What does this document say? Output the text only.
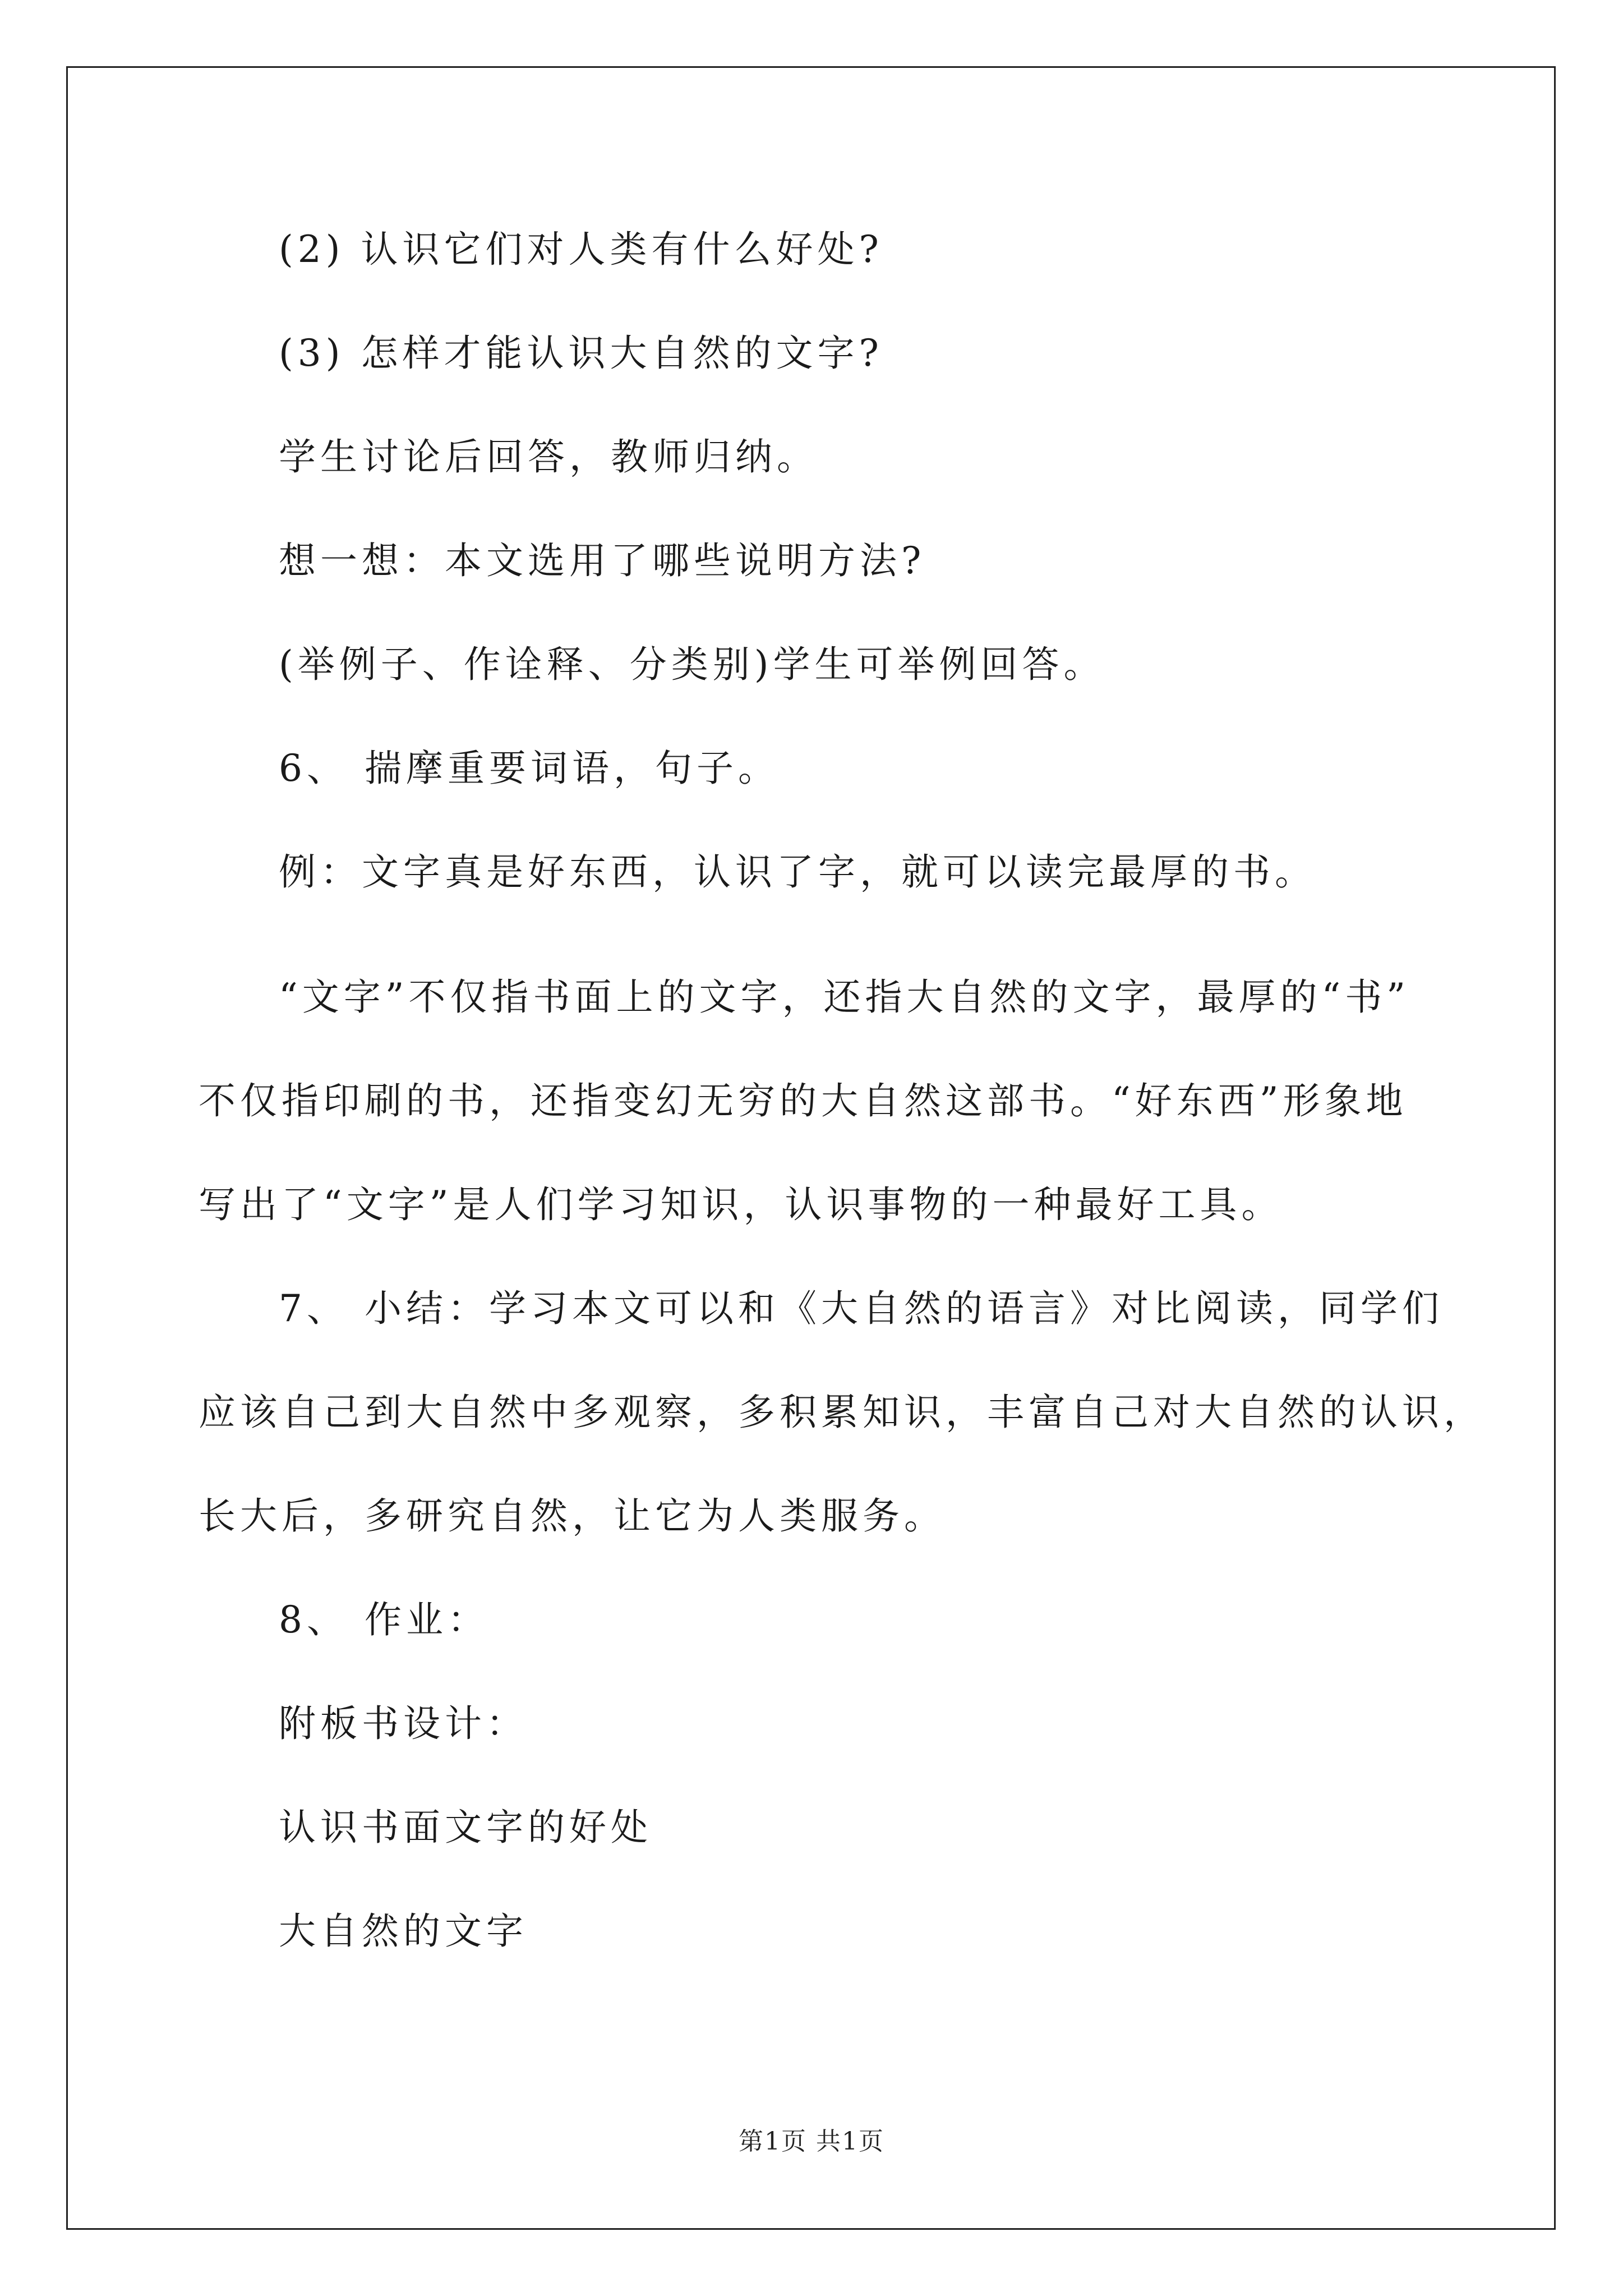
(2) 认识它们对人类有什么好处?
(3) 怎样才能认识大自然的文字?
学生讨论后回答，教师归纳。
想一想：本文选用了哪些说明方法?
(举例子、作诠释、分类别)学生可举例回答。
6、 揣摩重要词语，句子。
例：文字真是好东西，认识了字，就可以读完最厚的书。
“文字”不仅指书面上的文字，还指大自然的文字，最厚的“书”
不仅指印刷的书，还指变幻无穷的大自然这部书。“好东西”形象地
写出了“文字”是人们学习知识，认识事物的一种最好工具。
7、 小结：学习本文可以和《大自然的语言》对比阅读，同学们
应该自己到大自然中多观察，多积累知识，丰富自己对大自然的认识，
长大后，多研究自然，让它为人类服务。
8、 作业：
附板书设计：
认识书面文字的好处
大自然的文字
第1页 共1页
